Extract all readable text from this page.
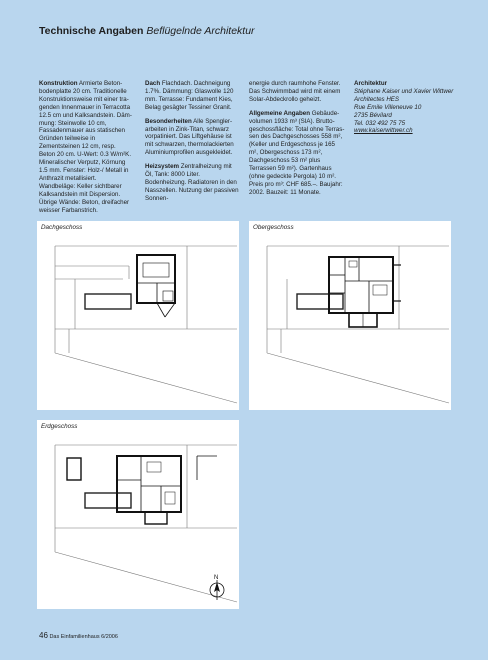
Technische Angaben Beflügelnde Architektur

Konstruktion Armierte Betonbodenplatte 20 cm. Traditionelle Konstruktionsweise mit einer tragenden Innenmauer in Terracotta 12.5 cm und Kalksandstein. Dämmung: Steinwolle 10 cm, Fassadenmauer aus statischen Gründen teilweise in Zementsteinen 12 cm, resp. Beton 20 cm. U-Wert: 0.3 W/m²K. Mineralischer Verputz, Körnung 1.5 mm. Fenster: Holz-/ Metall in Anthrazit metallisiert. Wandbeläge: Keller sichtbarer Kalksandstein mit Dispersion. Übrige Wände: Beton, dreifacher weisser Farbanstrich.

Dach Flachdach. Dachneigung 1.7%. Dämmung: Glaswolle 120 mm. Terrasse: Fundament Kies, Belag gesägter Tessiner Granit.

Besonderheiten Alle Spenglerarbeiten in Zink-Titan, schwarz vorpatiniert. Das Liftgehäuse ist mit schwarzen, thermolackierten Aluminiumprofilen ausgekleidet.

Heizsystem Zentralheizung mit Öl, Tank: 8000 Liter. Bodenheizung. Radiatoren in den Nasszellen. Nutzung der passiven Sonnen-

energie durch raumhohe Fenster. Das Schwimmbad wird mit einem Solar-Abdeckrollo geheizt.

Allgemeine Angaben Gebäudevolumen 1933 m³ (SIA). Bruttogeschossfläche: Total ohne Terrassen des Dachgeschosses 558 m², (Keller und Erdgeschoss je 165 m², Obergeschoss 173 m², Dachgeschoss 53 m² plus Terrassen 59 m²). Gartenhaus (ohne gedeckte Pergola) 10 m². Preis pro m³: CHF 685.–. Baujahr: 2002. Bauzeit: 11 Monate.

Architektur
Stéphane Kaiser und Xavier Wittwer
Architectes HES
Rue Emile Villeneuve 10
2735 Bévilard
Tel. 032 492 75 75
www.kaiserwittwer.ch
Dachgeschoss	Obergeschoss
N
Erdgeschoss
46 Das Einfamilienhaus 6/2006
